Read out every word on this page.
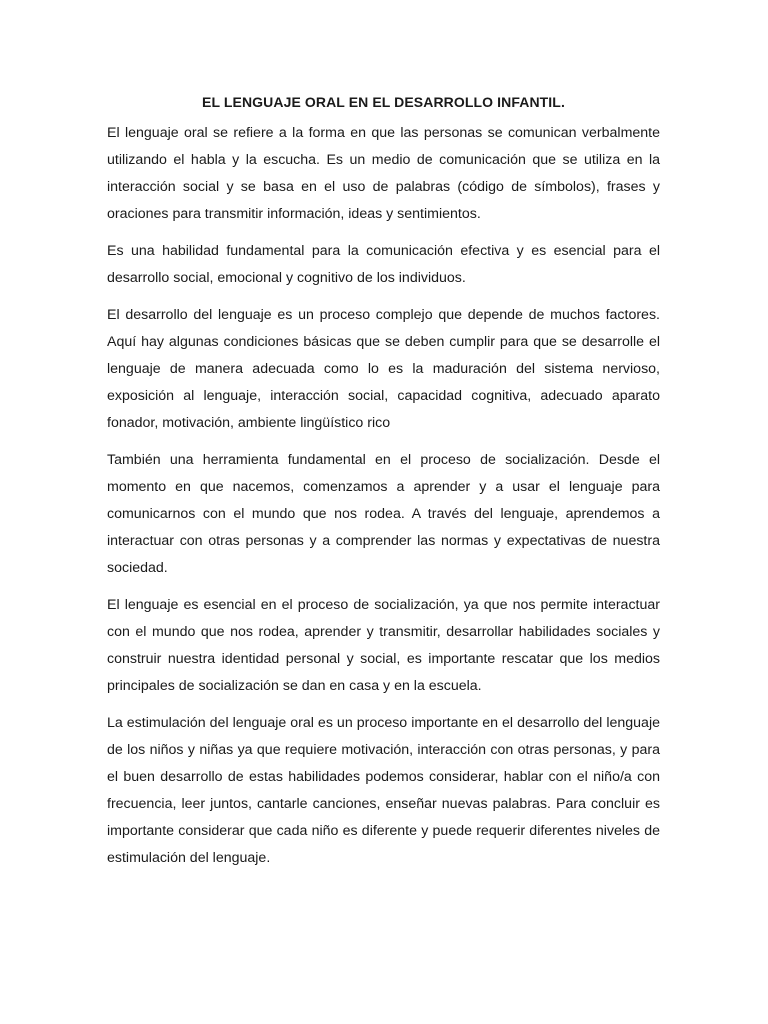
EL LENGUAJE ORAL EN EL DESARROLLO INFANTIL.

El lenguaje oral se refiere a la forma en que las personas se comunican verbalmente utilizando el habla y la escucha. Es un medio de comunicación que se utiliza en la interacción social y se basa en el uso de palabras (código de símbolos), frases y oraciones para transmitir información, ideas y sentimientos.

Es una habilidad fundamental para la comunicación efectiva y es esencial para el desarrollo social, emocional y cognitivo de los individuos.

El desarrollo del lenguaje es un proceso complejo que depende de muchos factores. Aquí hay algunas condiciones básicas que se deben cumplir para que se desarrolle el lenguaje de manera adecuada como lo es la maduración del sistema nervioso, exposición al lenguaje, interacción social, capacidad cognitiva, adecuado aparato fonador, motivación, ambiente lingüístico rico

También una herramienta fundamental en el proceso de socialización. Desde el momento en que nacemos, comenzamos a aprender y a usar el lenguaje para comunicarnos con el mundo que nos rodea. A través del lenguaje, aprendemos a interactuar con otras personas y a comprender las normas y expectativas de nuestra sociedad.

El lenguaje es esencial en el proceso de socialización, ya que nos permite interactuar con el mundo que nos rodea, aprender y transmitir, desarrollar habilidades sociales y construir nuestra identidad personal y social, es importante rescatar que los medios principales de socialización se dan en casa y en la escuela.

La estimulación del lenguaje oral es un proceso importante en el desarrollo del lenguaje de los niños y niñas ya que requiere motivación, interacción con otras personas, y para el buen desarrollo de estas habilidades podemos considerar, hablar con el niño/a con frecuencia, leer juntos, cantarle canciones, enseñar nuevas palabras. Para concluir es importante considerar que cada niño es diferente y puede requerir diferentes niveles de estimulación del lenguaje.
